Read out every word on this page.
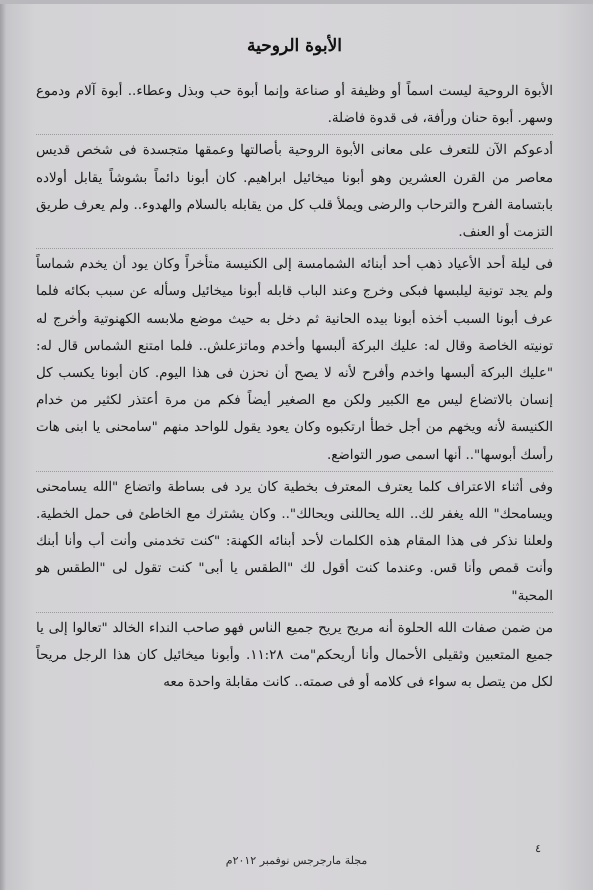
الأبوة الروحية

الأبوة الروحية ليست اسماً أو وظيفة أو صناعة وإنما أبوة حب وبذل وعطاء.. أبوة آلام ودموع وسهر. أبوة حنان ورأفة، فى قدوة فاضلة.

أدعوكم الآن للتعرف على معانى الأبوة الروحية بأصالتها وعمقها متجسدة فى شخص قديس معاصر من القرن العشرين وهو أبونا ميخائيل ابراهيم. كان أبونا دائماً بشوشاً يقابل أولاده بابتسامة الفرح والترحاب والرضى ويملأ قلب كل من يقابله بالسلام والهدوء.. ولم يعرف طريق التزمت أو العنف.

فى ليلة أحد الأعياد ذهب أحد أبنائه الشمامسة إلى الكنيسة متأخراً وكان يود أن يخدم شماساً ولم يجد تونية ليلبسها فبكى وخرج وعند الباب قابله أبونا ميخائيل وسأله عن سبب بكائه فلما عرف أبونا السبب أخذه أبونا بيده الحانية ثم دخل به حيث موضع ملابسه الكهنوتية وأخرج له تونيته الخاصة وقال له: عليك البركة ألبسها وأخدم وماتزعلش.. فلما امتنع الشماس قال له: "عليك البركة ألبسها واخدم وأفرح لأنه لا يصح أن نحزن فى هذا اليوم. كان أبونا يكسب كل إنسان بالاتضاع ليس مع الكبير ولكن مع الصغير أيضاً فكم من مرة أعتذر لكثير من خدام الكنيسة لأنه ويخهم من أجل خطأ ارتكبوه وكان يعود يقول للواحد منهم "سامحنى يا ابنى هات رأسك أبوسها".. أنها اسمى صور التواضع.

وفى أثناء الاعتراف كلما يعترف المعترف بخطية كان يرد فى بساطة واتضاع "الله يسامحنى ويسامحك" الله يغفر لك.. الله يحاللنى ويحالك".. وكان يشترك مع الخاطئ فى حمل الخطية. ولعلنا نذكر فى هذا المقام هذه الكلمات لأحد أبنائه الكهنة: "كنت تخدمنى وأنت أب وأنا أبنك وأنت قمص وأنا قس. وعندما كنت أقول لك "الطقس يا أبى" كنت تقول لى "الطقس هو المحبة"

من ضمن صفات الله الحلوة أنه مريح يريح جميع الناس فهو صاحب النداء الخالد "تعالوا إلى يا جميع المتعبين وثقيلى الأحمال وأنا أريحكم"مت ١١:٢٨. وأبونا ميخائيل كان هذا الرجل مريحاً لكل من يتصل به سواء فى كلامه أو فى صمته.. كانت مقابلة واحدة معه

٤
مجلة مارجرجس نوفمبر ٢٠١٢م
